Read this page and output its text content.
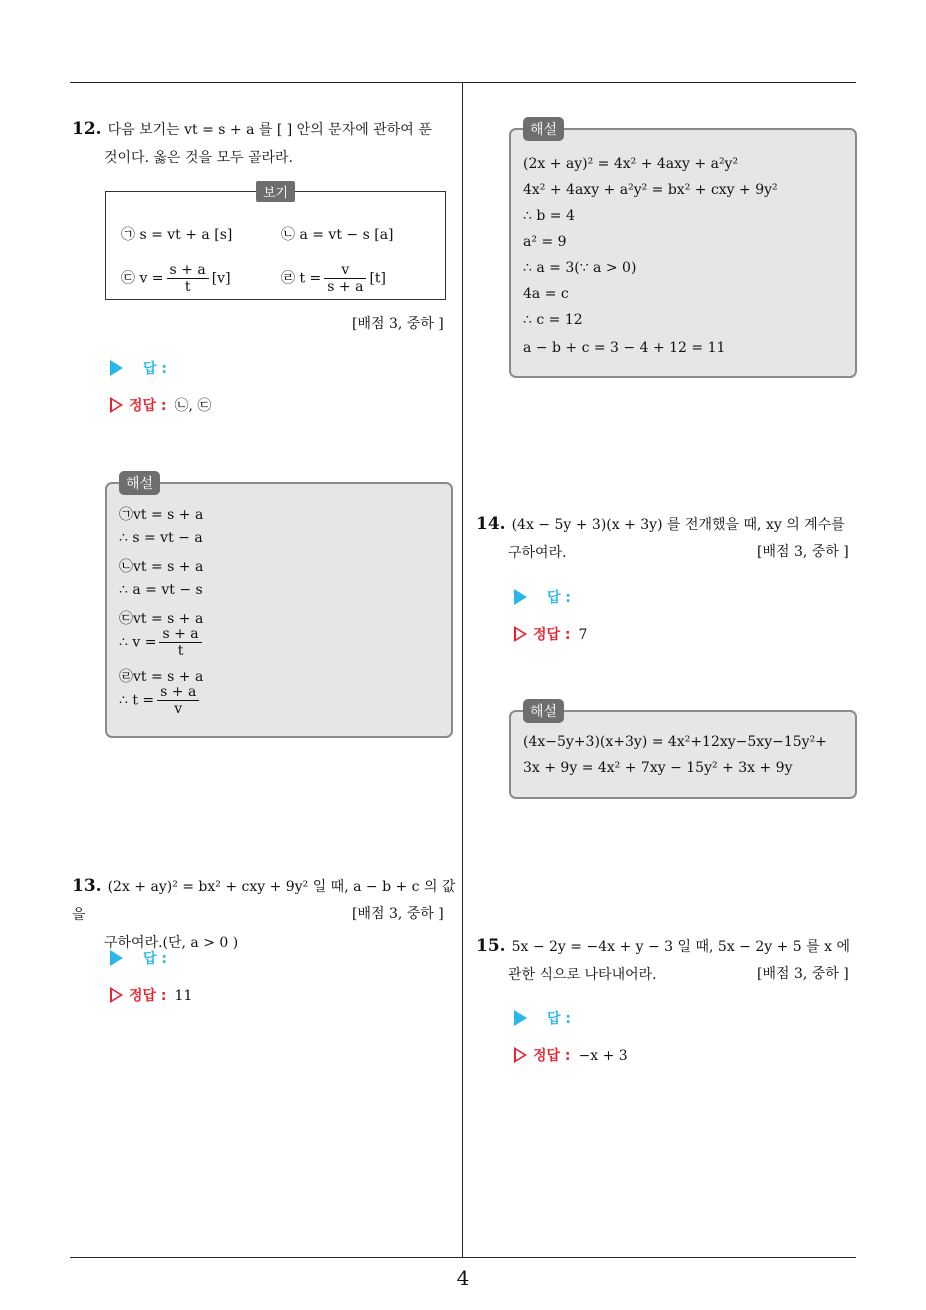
12. 다음 보기는 vt = s + a 를 [ ] 안의 문자에 관하여 푼
것이다. 옳은 것을 모두 골라라.
보기
㉠ s = vt + a [s]	㉡ a = vt − s [a]
㉢ $v = \frac{s + a}{t} [v]$	㉣ $t = \frac{v}{s + a} [t]$
[배점 3, 중하 ]
답 :
정답 : ㉡, ㉢
해설
㉠vt = s + a
∴ s = vt − a
㉡vt = s + a
∴ a = vt − s
㉢vt = s + a
∴ $v = \frac{s + a}{t}$
㉣vt = s + a
∴ $t = \frac{s + a}{v}$
13. (2x + ay)² = bx² + cxy + 9y² 일 때, a − b + c 의 값을
구하여라.(단, a > 0 )
[배점 3, 중하 ]
답 :
정답 : 11
해설
(2x + ay)² = 4x² + 4axy + a²y²
4x² + 4axy + a²y² = bx² + cxy + 9y²
∴ b = 4
a² = 9
∴ a = 3(∵ a > 0)
4a = c
∴ c = 12
a − b + c = 3 − 4 + 12 = 11
14. (4x − 5y + 3)(x + 3y) 를 전개했을 때, xy 의 계수를
구하여라.	[배점 3, 중하 ]
답 :
정답 : 7
해설
(4x−5y+3)(x+3y) = 4x²+12xy−5xy−15y²+
3x + 9y = 4x² + 7xy − 15y² + 3x + 9y
15. 5x − 2y = −4x + y − 3 일 때, 5x − 2y + 5 를 x 에
관한 식으로 나타내어라.	[배점 3, 중하 ]
답 :
정답 : −x + 3
4
